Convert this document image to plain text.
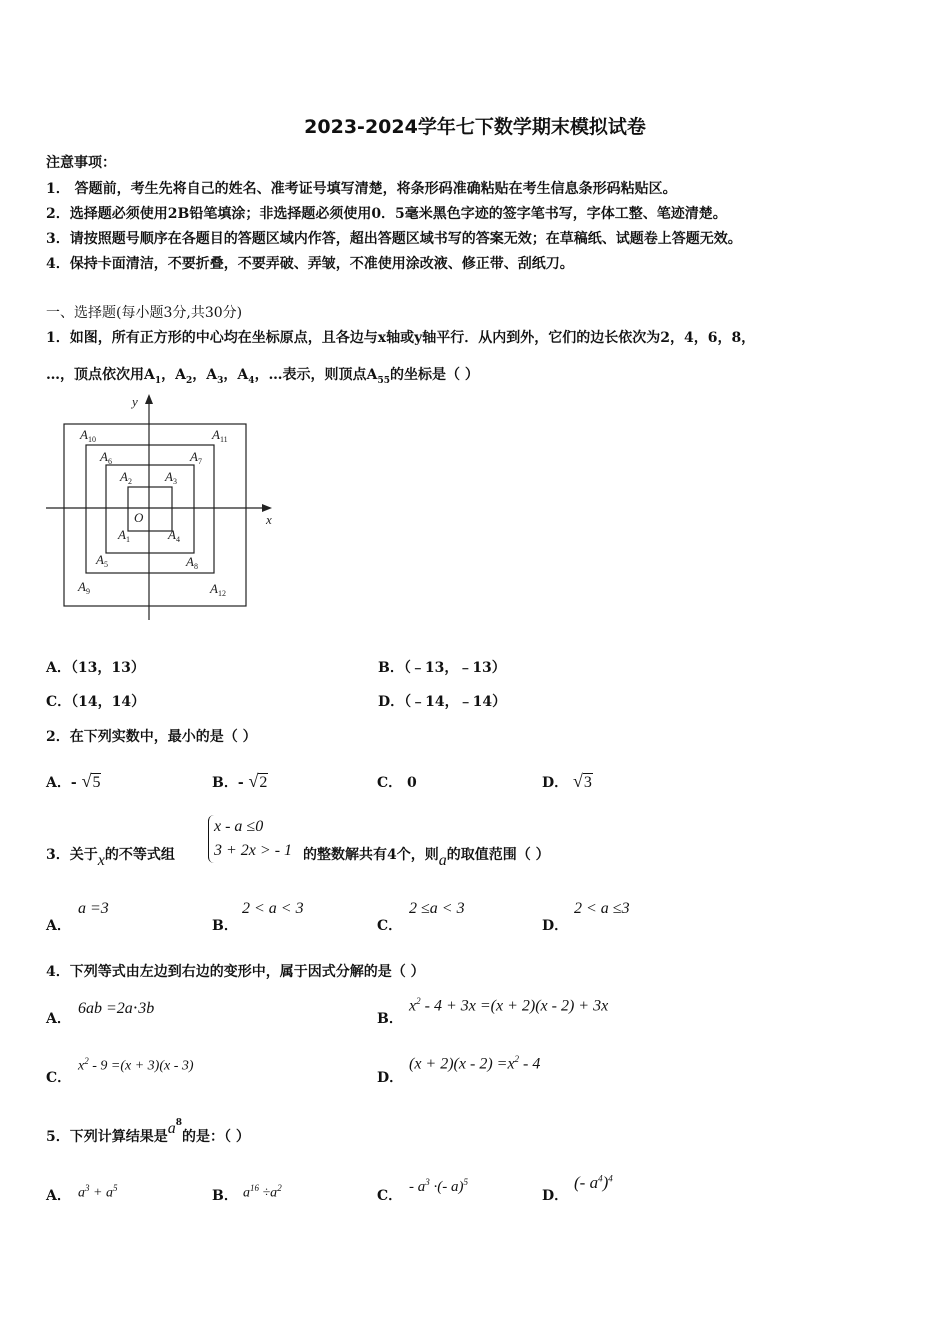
2023-2024学年七下数学期末模拟试卷
注意事项：
1． 答题前，考生先将自己的姓名、准考证号填写清楚，将条形码准确粘贴在考生信息条形码粘贴区。
2．选择题必须使用2B铅笔填涂；非选择题必须使用0．5毫米黑色字迹的签字笔书写，字体工整、笔迹清楚。
3．请按照题号顺序在各题目的答题区域内作答，超出答题区域书写的答案无效；在草稿纸、试题卷上答题无效。
4．保持卡面清洁，不要折叠，不要弄破、弄皱，不准使用涂改液、修正带、刮纸刀。
一、选择题(每小题3分,共30分)
1．如图，所有正方形的中心均在坐标原点，且各边与x轴或y轴平行．从内到外，它们的边长依次为2，4，6，8，
…，顶点依次用$A_1$，$A_2$，$A_3$，$A_4$，…表示，则顶点$A_{55}$的坐标是（ ）
x
y
O
$A_1$
$A_2$	$A_3$
$A_4$
$A_5$
$A_6$	$A_7$
$A_8$
$A_9$
$A_{10}$	$A_{11}$
$A_{12}$
A．（13，13）	B．（﹣13，﹣13）
C．（14，14）	D．（﹣14，﹣14）
2．在下列实数中，最小的是（ ）
A．- √5	B．- √2	C． 0	D． √3
3．关于x的不等式组
x - a ≤0
3 + 2x > - 1 的整数解共有4个，则a的取值范围（ ）
A．
a =3
B．
2 < a < 3
C．
2 ≤a < 3
D．
2 < a ≤3
4．下列等式由左边到右边的变形中，属于因式分解的是（ ）
A．
6ab =2a⋅3b
B．
$x^2 - 4 + 3x =(x + 2)(x - 2) + 3x$
C．
$x^2 - 9 =(x + 3)(x - 3)$
D．
$(x + 2)(x - 2) =x^2 - 4$
5．下列计算结果是$a^8$的是：（ ）
A． $a^3 + a^5$	B． $a^{16} \div a^2$	C．
- $a^3$ ·(- a)$^5$
D．
(- $a^4)^4$
